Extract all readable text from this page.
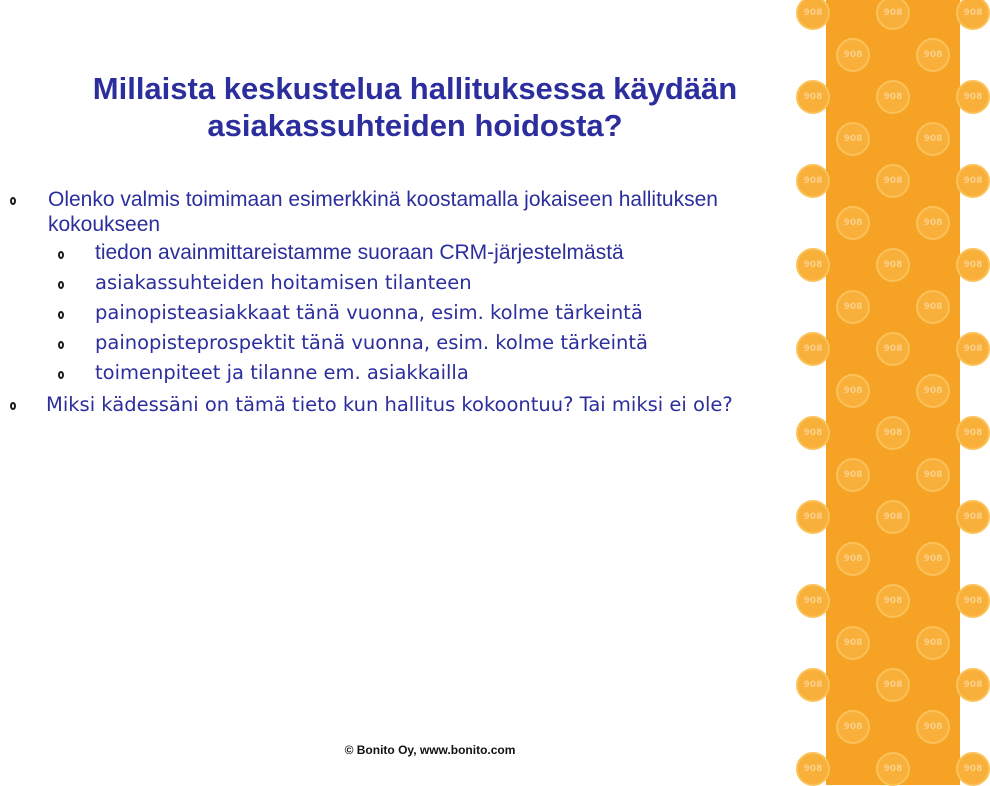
908	908	908
908	908
908	908	908
908	908
908	908	908
908	908
908	908	908
908	908
908	908	908
908	908
908	908	908
908	908
908	908	908
908	908
908	908	908
908	908
908	908	908
908	908
908	908	908
Millaista keskustelua hallituksessa käydään
asiakassuhteiden hoidosta?
Olenko valmis toimimaan esimerkkinä koostamalla jokaiseen hallituksen kokoukseen
tiedon avainmittareistamme suoraan CRM-järjestelmästä
asiakassuhteiden hoitamisen tilanteen
painopisteasiakkaat tänä vuonna, esim. kolme tärkeintä
painopisteprospektit tänä vuonna, esim. kolme tärkeintä
toimenpiteet ja tilanne em. asiakkailla
Miksi kädessäni on tämä tieto kun hallitus kokoontuu? Tai miksi ei ole?
© Bonito Oy, www.bonito.com
